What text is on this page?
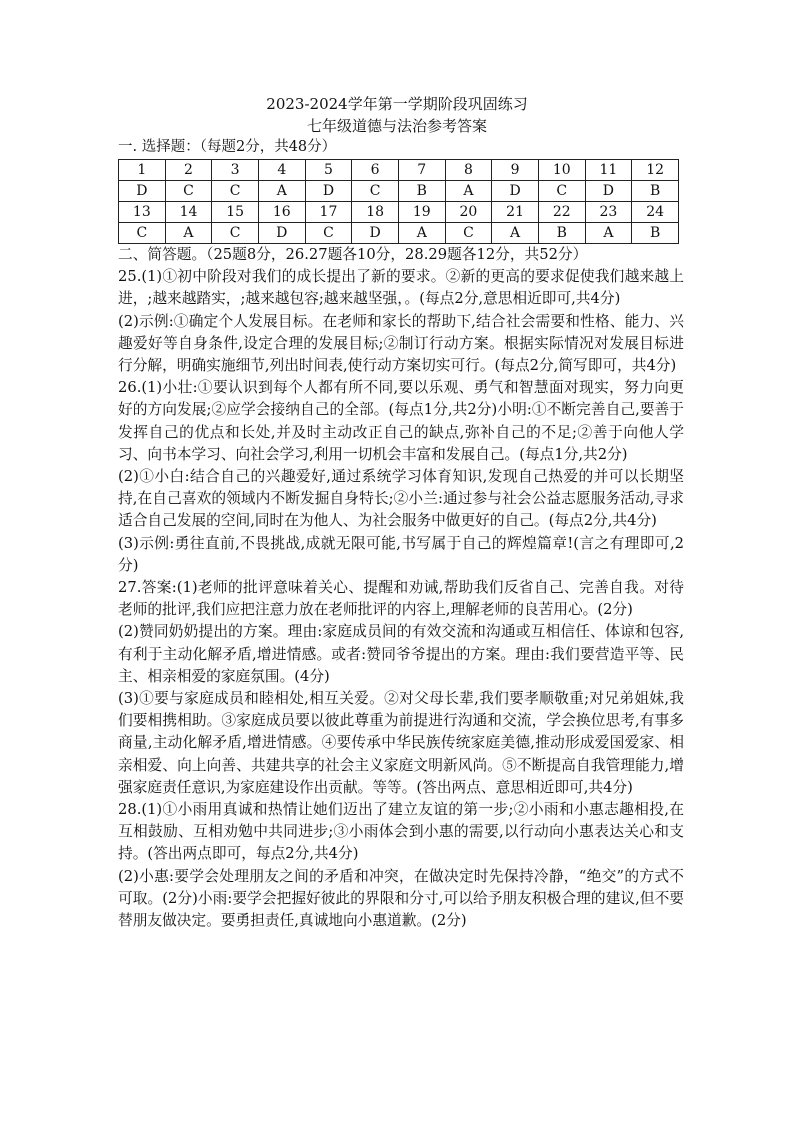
2023-2024学年第一学期阶段巩固练习
七年级道德与法治参考答案
一. 选择题：（每题2分，共48分）
1	2	3	4	5	6	7	8	9	10	11	12
D	C	C	A	D	C	B	A	D	C	D	B
13	14	15	16	17	18	19	20	21	22	23	24
C	A	C	D	C	D	A	C	A	B	A	B

二、简答题。（25题8分，26.27题各10分，28.29题各12分，共52分）

25.(1)①初中阶段对我们的成长提出了新的要求。②新的更高的要求促使我们越来越上进，;越来越踏实，;越来越包容;越来越坚强，。(每点2分,意思相近即可,共4分)

(2)示例:①确定个人发展目标。在老师和家长的帮助下,结合社会需要和性格、能力、兴趣爱好等自身条件,设定合理的发展目标;②制订行动方案。根据实际情况对发展目标进行分解，明确实施细节,列出时间表,使行动方案切实可行。(每点2分,简写即可，共4分)

26.(1)小壮:①要认识到每个人都有所不同,要以乐观、勇气和智慧面对现实，努力向更好的方向发展;②应学会接纳自己的全部。(每点1分,共2分)小明:①不断完善自己,要善于发挥自己的优点和长处,并及时主动改正自己的缺点,弥补自己的不足;②善于向他人学习、向书本学习、向社会学习,利用一切机会丰富和发展自己。(每点1分,共2分)

(2)①小白:结合自己的兴趣爱好,通过系统学习体育知识,发现自己热爱的并可以长期坚持,在自己喜欢的领域内不断发掘自身特长;②小兰:通过参与社会公益志愿服务活动,寻求适合自己发展的空间,同时在为他人、为社会服务中做更好的自己。(每点2分,共4分)

(3)示例:勇往直前,不畏挑战,成就无限可能,书写属于自己的辉煌篇章!(言之有理即可,2分)

27.答案:(1)老师的批评意味着关心、提醒和劝诫,帮助我们反省自己、完善自我。对待老师的批评,我们应把注意力放在老师批评的内容上,理解老师的良苦用心。(2分)

(2)赞同奶奶提出的方案。理由:家庭成员间的有效交流和沟通或互相信任、体谅和包容,有利于主动化解矛盾,增进情感。或者:赞同爷爷提出的方案。理由:我们要营造平等、民主、相亲相爱的家庭氛围。(4分)

(3)①要与家庭成员和睦相处,相互关爱。②对父母长辈,我们要孝顺敬重;对兄弟姐妹,我们要相携相助。③家庭成员要以彼此尊重为前提进行沟通和交流，学会换位思考,有事多商量,主动化解矛盾,增进情感。④要传承中华民族传统家庭美德,推动形成爱国爱家、相亲相爱、向上向善、共建共享的社会主义家庭文明新风尚。⑤不断提高自我管理能力,增强家庭责任意识,为家庭建设作出贡献。等等。(答出两点、意思相近即可,共4分)

28.(1)①小雨用真诚和热情让她们迈出了建立友谊的第一步;②小雨和小惠志趣相投,在互相鼓励、互相劝勉中共同进步;③小雨体会到小惠的需要,以行动向小惠表达关心和支持。(答出两点即可，每点2分,共4分)

(2)小惠:要学会处理朋友之间的矛盾和冲突，在做决定时先保持冷静，“绝交”的方式不可取。(2分)小雨:要学会把握好彼此的界限和分寸,可以给予朋友积极合理的建议,但不要替朋友做决定。要勇担责任,真诚地向小惠道歉。(2分)
